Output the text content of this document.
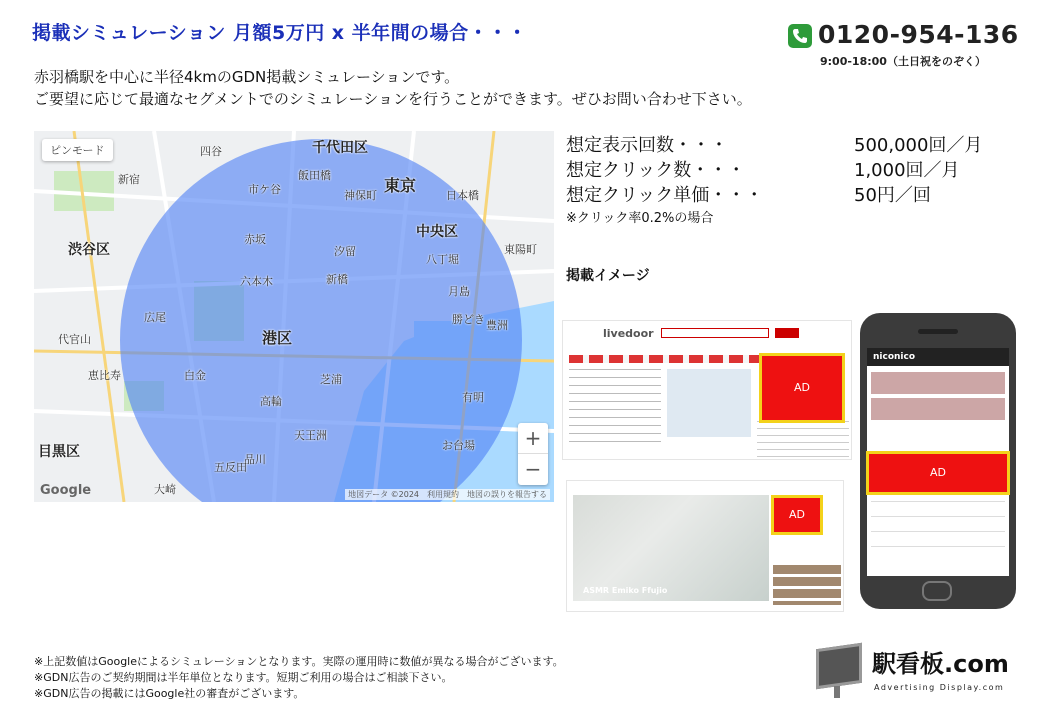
掲載シミュレーション 月額5万円 x 半年間の場合・・・	0120-954-136
9:00-18:00（土日祝をのぞく）
赤羽橋駅を中心に半径4kmのGDN掲載シミュレーションです。
ご要望に応じて最適なセグメントでのシミュレーションを行うことができます。ぜひお問い合わせ下さい。
千代田区
東京
中央区
渋谷区
港区
目黒区	品川
四谷
新宿
赤坂
六本木
芝浦
勝どき
新橋
豊洲
有明
大崎
五反田
市ケ谷
飯田橋
神保町	日本橋
八丁堀
月島
汐留
広尾
恵比寿
代官山
白金
高輪
お台場
天王洲
東陽町
ピンモード
+
−
Google	地図データ ©2024　利用規約　地図の誤りを報告する
想定表示回数・・・	500,000回／月
想定クリック数・・・	1,000回／月
想定クリック単価・・・	50円／回
※クリック率0.2%の場合
掲載イメージ
livedoor
AD
ASMR Emiko Ffujio
AD
niconico
AD
※上記数値はGoogleによるシミュレーションとなります。実際の運用時に数値が異なる場合がございます。
※GDN広告のご契約期間は半年単位となります。短期ご利用の場合はご相談下さい。
※GDN広告の掲載にはGoogle社の審査がございます。
駅看板.com
Advertising Display.com
